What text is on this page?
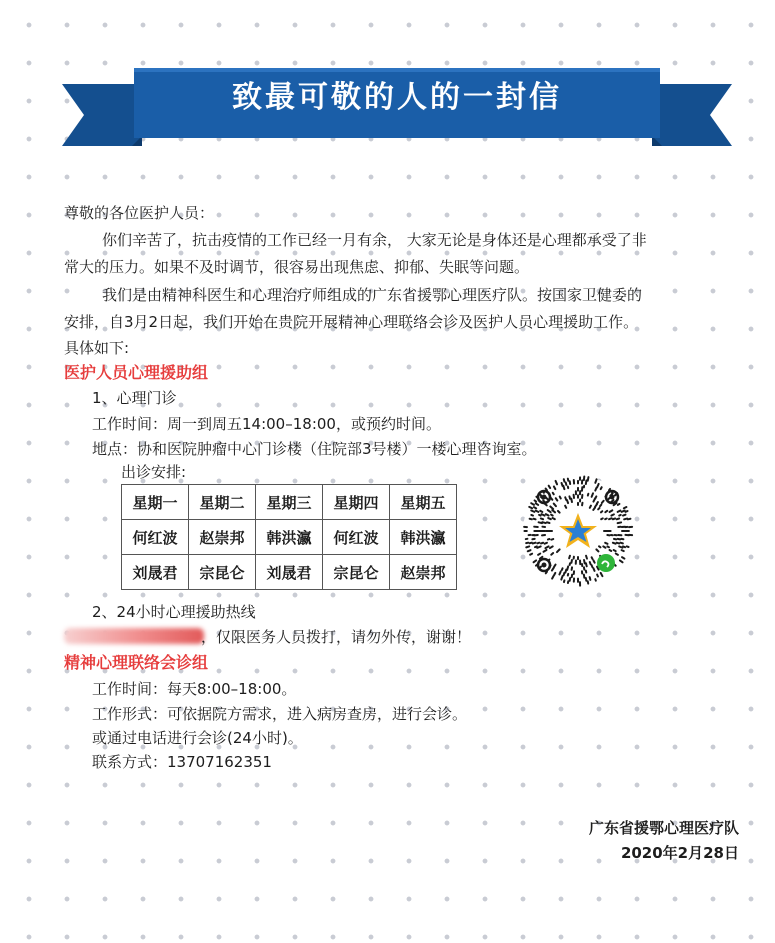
致最可敬的人的一封信
尊敬的各位医护人员：
你们辛苦了，抗击疫情的工作已经一月有余， 大家无论是身体还是心理都承受了非
常大的压力。如果不及时调节，很容易出现焦虑、抑郁、失眠等问题。
我们是由精神科医生和心理治疗师组成的广东省援鄂心理医疗队。按国家卫健委的
安排，自3月2日起，我们开始在贵院开展精神心理联络会诊及医护人员心理援助工作。
具体如下:
医护人员心理援助组
1、心理门诊
工作时间：周一到周五14:00–18:00，或预约时间。
地点：协和医院肿瘤中心门诊楼（住院部3号楼）一楼心理咨询室。
出诊安排:
星期一	星期二	星期三	星期四	星期五
何红波	赵崇邦	韩洪瀛	何红波	韩洪瀛
刘晟君	宗昆仑	刘晟君	宗昆仑	赵崇邦
2、24小时心理援助热线
，仅限医务人员拨打，请勿外传，谢谢！
精神心理联络会诊组
工作时间：每天8:00–18:00。
工作形式：可依据院方需求，进入病房查房，进行会诊。
或通过电话进行会诊(24小时)。
联系方式：13707162351
广东省援鄂心理医疗队
2020年2月28日
